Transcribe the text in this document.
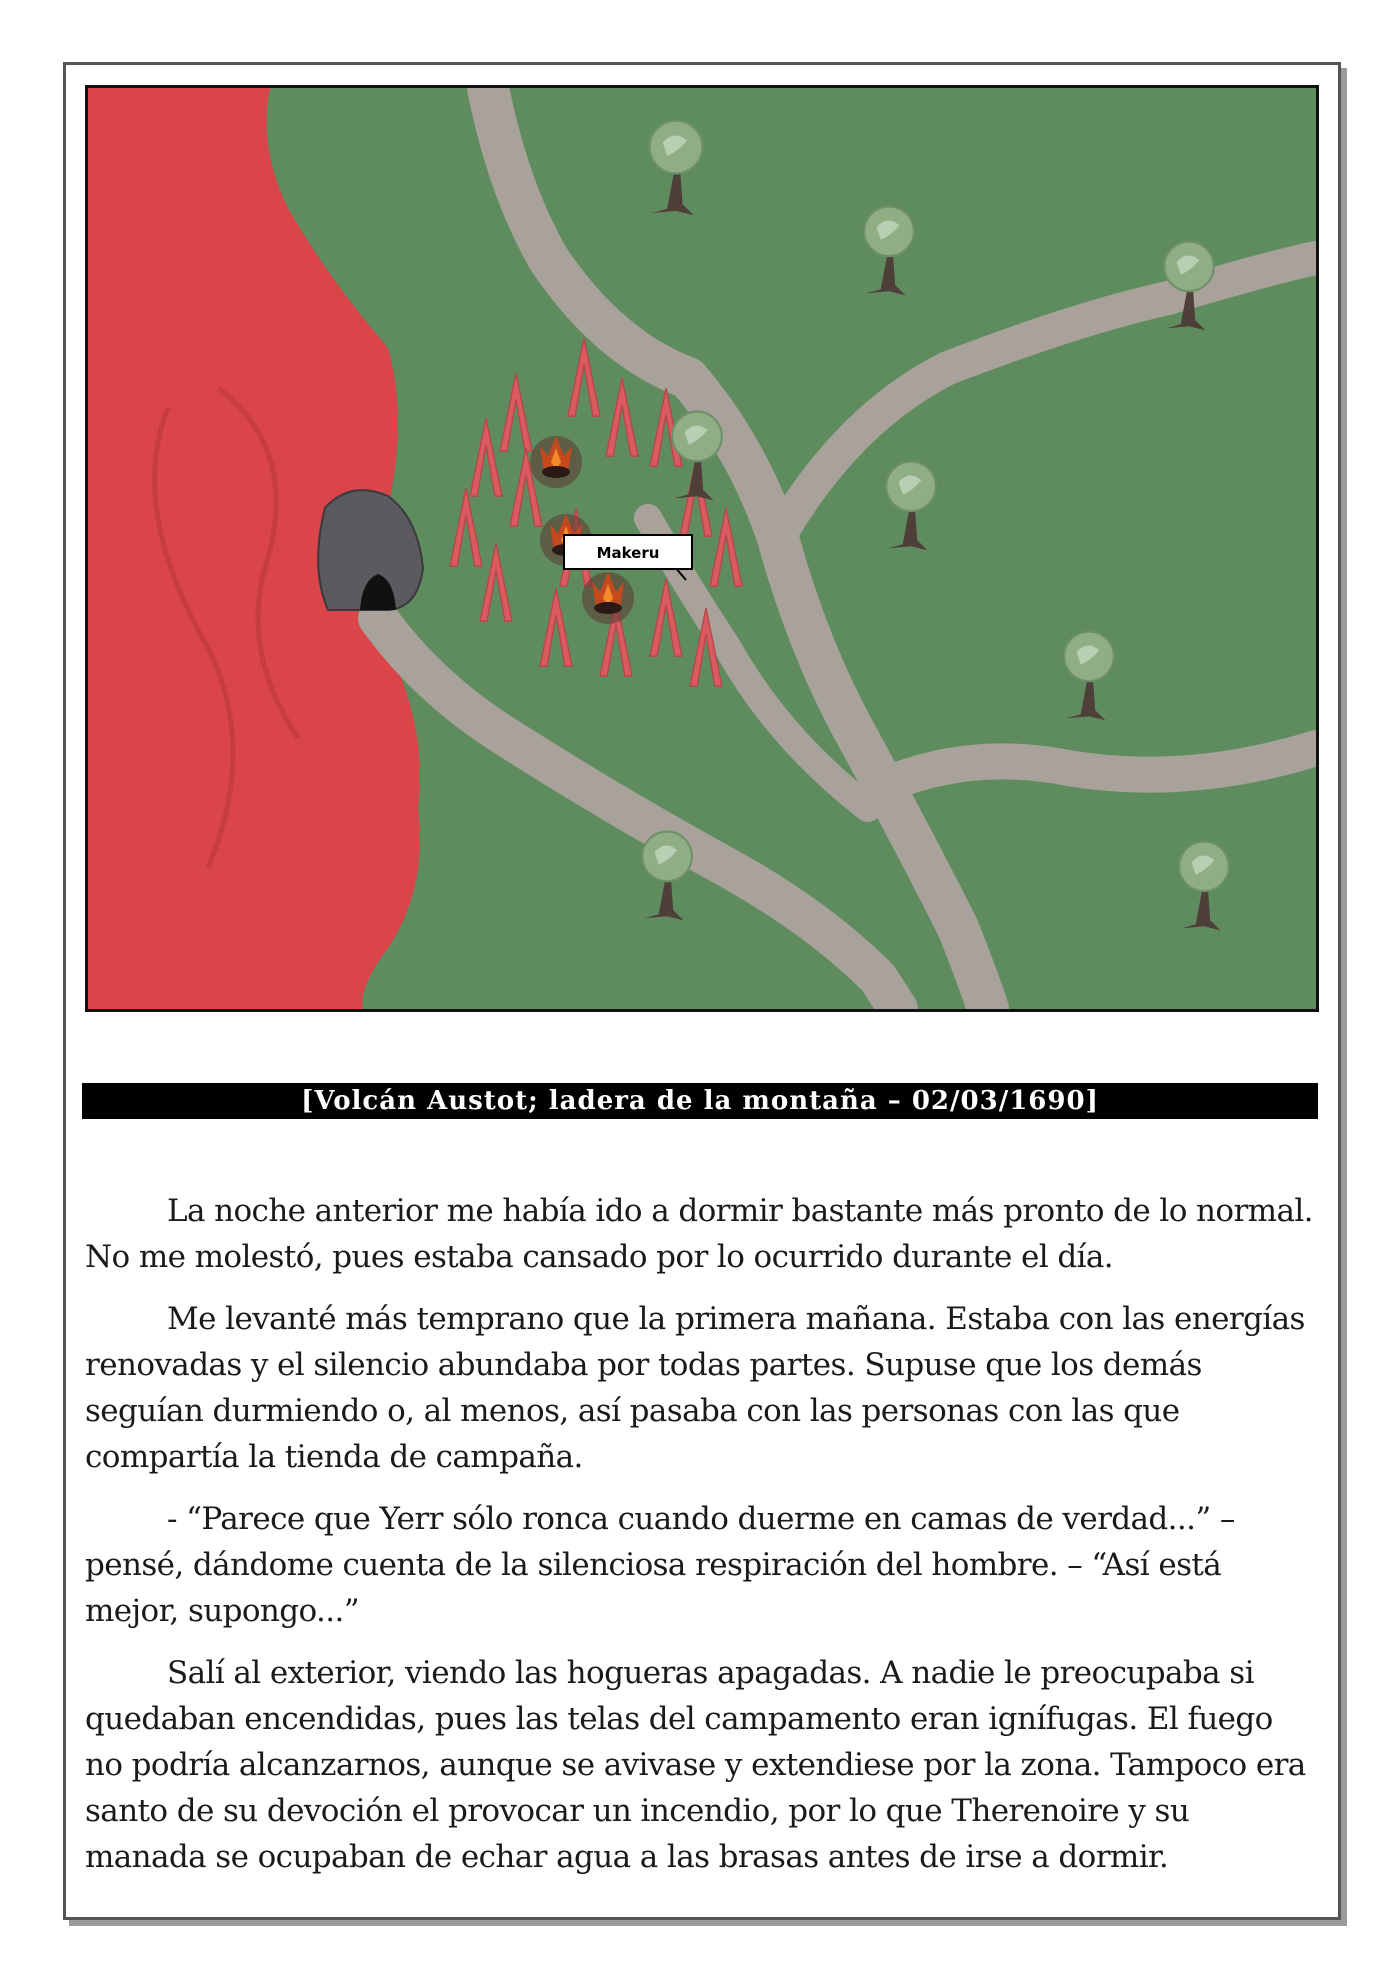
Makeru
[Volcán Austot; ladera de la montaña – 02/03/1690]

La noche anterior me había ido a dormir bastante más pronto de lo normal. No me molestó, pues estaba cansado por lo ocurrido durante el día.

Me levanté más temprano que la primera mañana. Estaba con las energías renovadas y el silencio abundaba por todas partes. Supuse que los demás seguían durmiendo o, al menos, así pasaba con las personas con las que compartía la tienda de campaña.

- “Parece que Yerr sólo ronca cuando duerme en camas de verdad...” – pensé, dándome cuenta de la silenciosa respiración del hombre. – “Así está mejor, supongo...”

Salí al exterior, viendo las hogueras apagadas. A nadie le preocupaba si quedaban encendidas, pues las telas del campamento eran ignífugas. El fuego no podría alcanzarnos, aunque se avivase y extendiese por la zona. Tampoco era santo de su devoción el provocar un incendio, por lo que Therenoire y su manada se ocupaban de echar agua a las brasas antes de irse a dormir.
